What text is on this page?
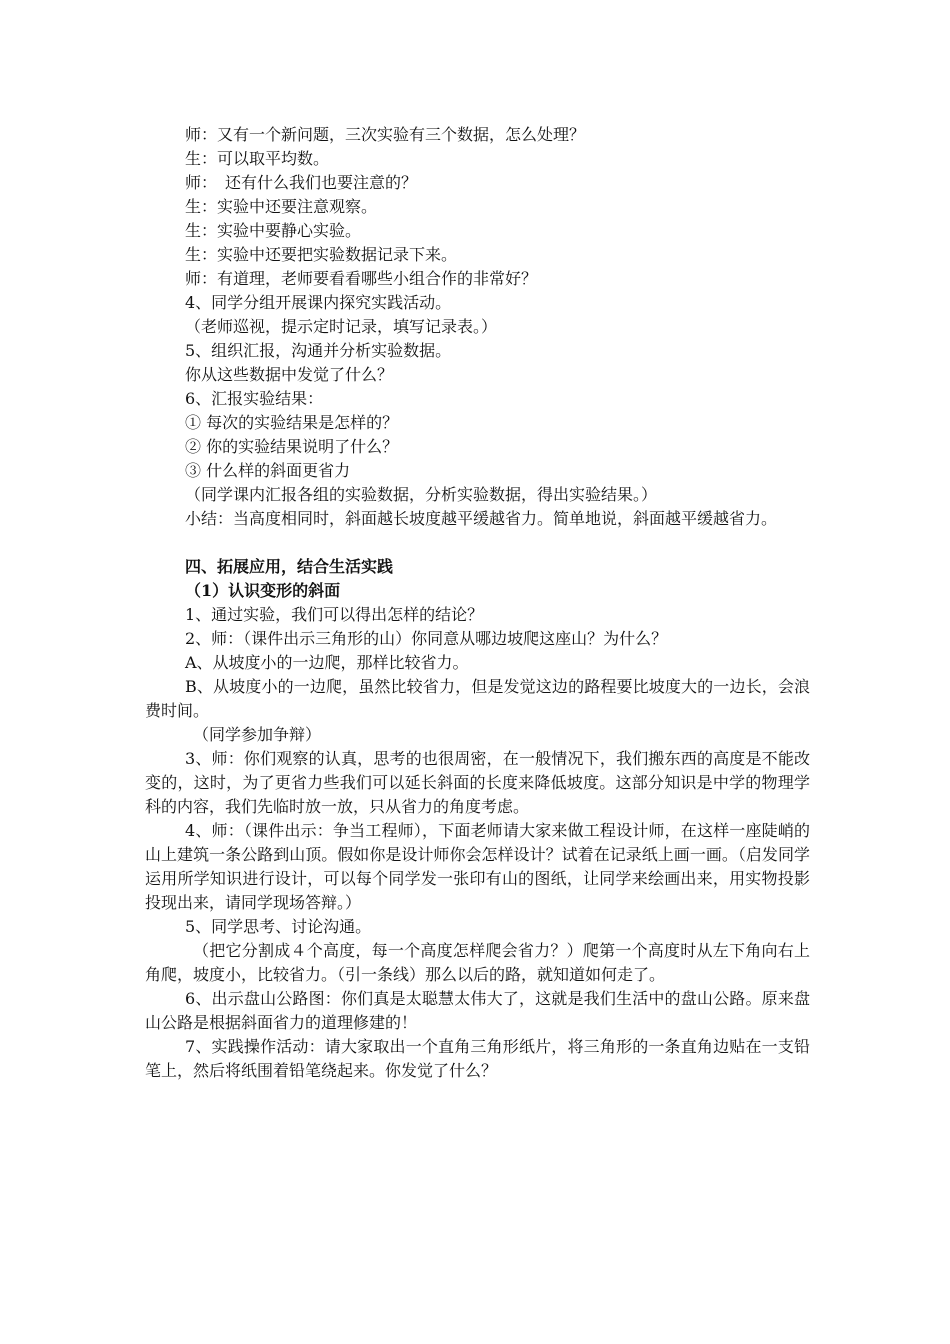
师：又有一个新问题，三次实验有三个数据，怎么处理？
生：可以取平均数。
师：　还有什么我们也要注意的？
生：实验中还要注意观察。
生：实验中要静心实验。
生：实验中还要把实验数据记录下来。
师：有道理，老师要看看哪些小组合作的非常好？
4、同学分组开展课内探究实践活动。
（老师巡视，提示定时记录，填写记录表。）
5、组织汇报，沟通并分析实验数据。
你从这些数据中发觉了什么？
6、汇报实验结果：
① 每次的实验结果是怎样的？
② 你的实验结果说明了什么？
③ 什么样的斜面更省力
（同学课内汇报各组的实验数据，分析实验数据，得出实验结果。）
小结：当高度相同时，斜面越长坡度越平缓越省力。简单地说，斜面越平缓越省力。
四、拓展应用，结合生活实践
（1）认识变形的斜面
1、通过实验，我们可以得出怎样的结论？
2、师：（课件出示三角形的山）你同意从哪边坡爬这座山？为什么？
A、从坡度小的一边爬，那样比较省力。
B、从坡度小的一边爬，虽然比较省力，但是发觉这边的路程要比坡度大的一边长，会浪费时间。
（同学参加争辩）
3、师：你们观察的认真，思考的也很周密，在一般情况下，我们搬东西的高度是不能改变的，这时，为了更省力些我们可以延长斜面的长度来降低坡度。这部分知识是中学的物理学科的内容，我们先临时放一放，只从省力的角度考虑。
4、师：（课件出示：争当工程师），下面老师请大家来做工程设计师，在这样一座陡峭的山上建筑一条公路到山顶。假如你是设计师你会怎样设计？试着在记录纸上画一画。（启发同学运用所学知识进行设计，可以每个同学发一张印有山的图纸，让同学来绘画出来，用实物投影投现出来，请同学现场答辩。）
5、同学思考、讨论沟通。
（把它分割成４个高度，每一个高度怎样爬会省力？）爬第一个高度时从左下角向右上角爬，坡度小，比较省力。（引一条线）那么以后的路，就知道如何走了。
6、出示盘山公路图：你们真是太聪慧太伟大了，这就是我们生活中的盘山公路。原来盘山公路是根据斜面省力的道理修建的！
7、实践操作活动：请大家取出一个直角三角形纸片，将三角形的一条直角边贴在一支铅笔上，然后将纸围着铅笔绕起来。你发觉了什么？
